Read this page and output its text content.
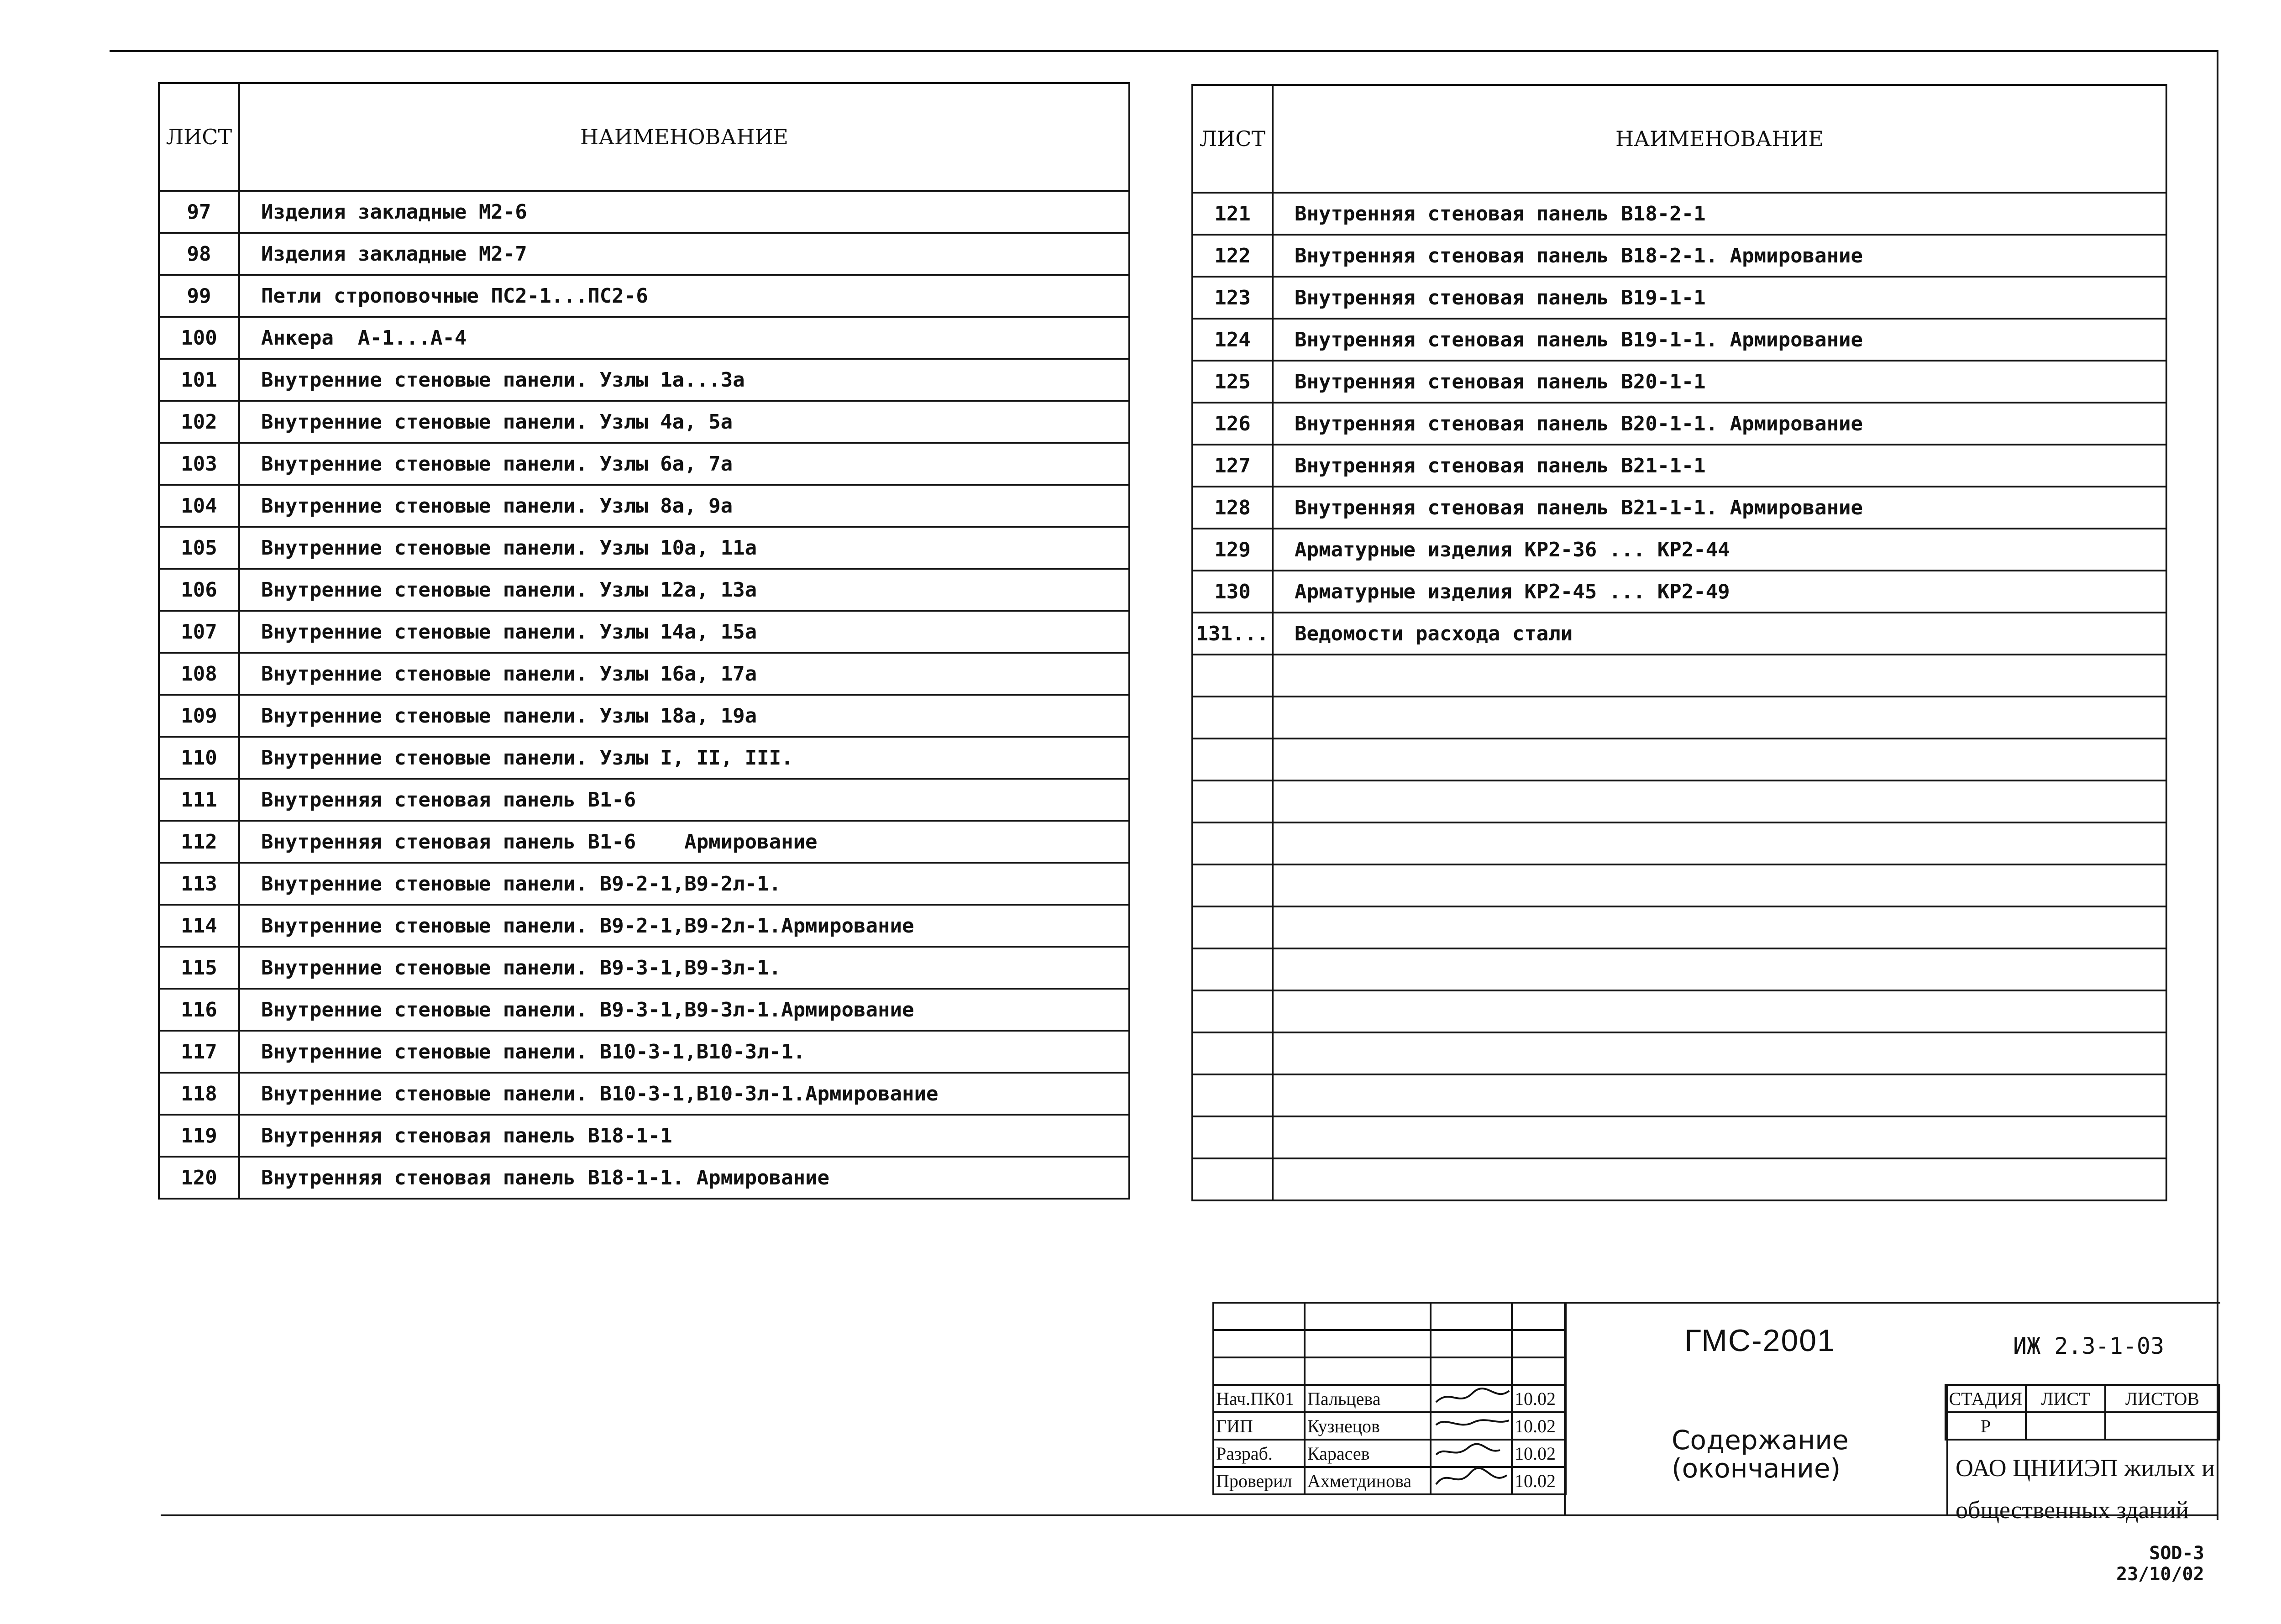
ЛИСТ	НАИМЕНОВАНИЕ
97	Изделия закладные М2-6
98	Изделия закладные М2-7
99	Петли строповочные ПС2-1...ПС2-6
100	Анкера  А-1...А-4
101	Внутренние стеновые панели. Узлы 1а...3а
102	Внутренние стеновые панели. Узлы 4а, 5а
103	Внутренние стеновые панели. Узлы 6а, 7а
104	Внутренние стеновые панели. Узлы 8а, 9а
105	Внутренние стеновые панели. Узлы 10а, 11а
106	Внутренние стеновые панели. Узлы 12а, 13а
107	Внутренние стеновые панели. Узлы 14а, 15а
108	Внутренние стеновые панели. Узлы 16а, 17а
109	Внутренние стеновые панели. Узлы 18а, 19а
110	Внутренние стеновые панели. Узлы I, II, III.
111	Внутренняя стеновая панель В1-6
112	Внутренняя стеновая панель В1-6    Армирование
113	Внутренние стеновые панели. В9-2-1,В9-2л-1.
114	Внутренние стеновые панели. В9-2-1,В9-2л-1.Армирование
115	Внутренние стеновые панели. В9-3-1,В9-3л-1.
116	Внутренние стеновые панели. В9-3-1,В9-3л-1.Армирование
117	Внутренние стеновые панели. В10-3-1,В10-3л-1.
118	Внутренние стеновые панели. В10-3-1,В10-3л-1.Армирование
119	Внутренняя стеновая панель В18-1-1
120	Внутренняя стеновая панель В18-1-1. Армирование
ЛИСТ	НАИМЕНОВАНИЕ
121	Внутренняя стеновая панель В18-2-1
122	Внутренняя стеновая панель В18-2-1. Армирование
123	Внутренняя стеновая панель В19-1-1
124	Внутренняя стеновая панель В19-1-1. Армирование
125	Внутренняя стеновая панель В20-1-1
126	Внутренняя стеновая панель В20-1-1. Армирование
127	Внутренняя стеновая панель В21-1-1
128	Внутренняя стеновая панель В21-1-1. Армирование
129	Арматурные изделия КР2-36 ... КР2-44
130	Арматурные изделия КР2-45 ... КР2-49
131...	Ведомости расхода стали

Нач.ПК01	Пальцева		10.02
ГИП	Кузнецов		10.02
Разраб.	Карасев		10.02
Проверил	Ахметдинова		10.02
ГМС-2001	ИЖ 2.3-1-03
Содержание
(окончание)
СТАДИЯ	ЛИСТ	ЛИСТОВ
Р		
ОАО ЦНИИЭП жилых и
общественных зданий
SOD-3
23/10/02
